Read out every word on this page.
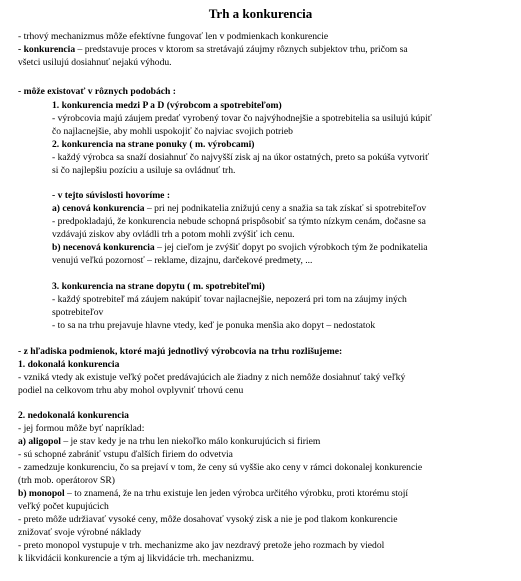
Trh a konkurencia
- trhový mechanizmus môže efektívne fungovať len v podmienkach konkurencie
- konkurencia – predstavuje proces v ktorom sa stretávajú záujmy rôznych subjektov trhu, pričom sa
všetci usilujú dosiahnuť nejakú výhodu.
- môže existovať v rôznych podobách :
1. konkurencia medzi P a D (výrobcom a spotrebiteľom)
- výrobcovia majú záujem predať vyrobený tovar čo najvýhodnejšie a spotrebitelia sa usilujú kúpiť
čo najlacnejšie, aby mohli uspokojiť čo najviac svojich potrieb
2. konkurencia na strane ponuky ( m. výrobcami)
- každý výrobca sa snaží dosiahnuť čo najvyšší zisk aj na úkor ostatných, preto sa pokúša vytvoriť
si čo najlepšiu pozíciu a usiluje sa ovládnuť trh.
- v tejto súvislosti hovoríme :
a) cenová konkurencia – pri nej podnikatelia znižujú ceny a snažia sa tak získať si spotrebiteľov
- predpokladajú, že konkurencia nebude schopná prispôsobiť sa týmto nízkym cenám, dočasne sa
vzdávajú ziskov aby ovládli trh a potom mohli zvýšiť ich cenu.
b) necenová konkurencia – jej cieľom je zvýšiť dopyt po svojich výrobkoch tým že podnikatelia
venujú veľkú pozornosť – reklame, dizajnu, darčekové predmety, ...
3. konkurencia na strane dopytu ( m. spotrebiteľmi)
- každý spotrebiteľ má záujem nakúpiť tovar najlacnejšie, nepozerá pri tom na záujmy iných
spotrebiteľov
- to sa na trhu prejavuje hlavne vtedy, keď je ponuka menšia ako dopyt – nedostatok
- z hľadiska podmienok, ktoré majú jednotlivý výrobcovia na trhu rozlišujeme:
1. dokonalá konkurencia
- vzniká vtedy ak existuje veľký počet predávajúcich ale žiadny z nich nemôže dosiahnuť taký veľký
podiel na celkovom trhu aby mohol ovplyvniť trhovú cenu
2. nedokonalá konkurencia
- jej formou môže byť napríklad:
a) aligopol – je stav kedy je na trhu len niekoľko málo konkurujúcich si firiem
- sú schopné zabrániť vstupu ďalších firiem do odvetvia
- zamedzuje konkurenciu, čo sa prejaví v tom, že ceny sú vyššie ako ceny v rámci dokonalej konkurencie
(trh mob. operátorov SR)
b) monopol – to znamená, že na trhu existuje len jeden výrobca určitého výrobku, proti ktorému stojí
veľký počet kupujúcich
- preto môže udržiavať vysoké ceny, môže dosahovať vysoký zisk a nie je pod tlakom konkurencie
znižovať svoje výrobné náklady
- preto monopol vystupuje v trh. mechanizme ako jav nezdravý pretože jeho rozmach by viedol
k likvidácii konkurencie a tým aj likvidácie trh. mechanizmu.
